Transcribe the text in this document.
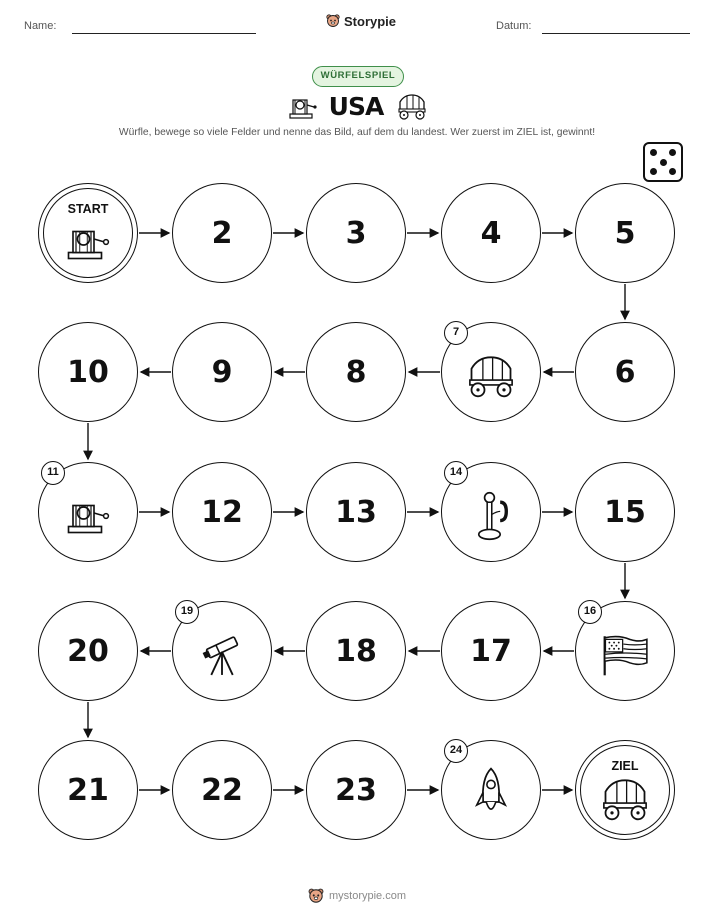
Name:	Storypie	Datum:
WÜRFELSPIEL
USA
Würfle, bewege so viele Felder und nenne das Bild, auf dem du landest. Wer zuerst im ZIEL ist, gewinnt!
START
2	3	4	5
6
7
8
9
10
11
12	13
14
15
16
17
18
19
20
21	22	23
24
ZIEL
mystorypie.com
